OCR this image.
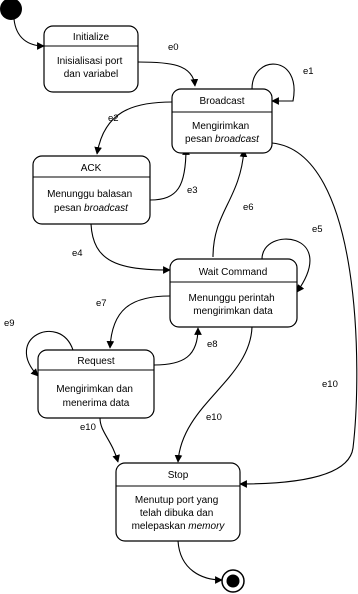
e0
e1
e2
e3
e4
e5
e6
e7
e8
e9
e10
e10
e10
Initialize
Inisialisasi port dan variabel
Broadcast
Mengirimkan pesan broadcast
ACK
Menunggu balasan pesan broadcast
Wait Command
Menunggu perintah mengirimkan data
Request
Mengirimkan dan menerima data
Stop
Menutup port yang telah dibuka dan melepaskan memory
